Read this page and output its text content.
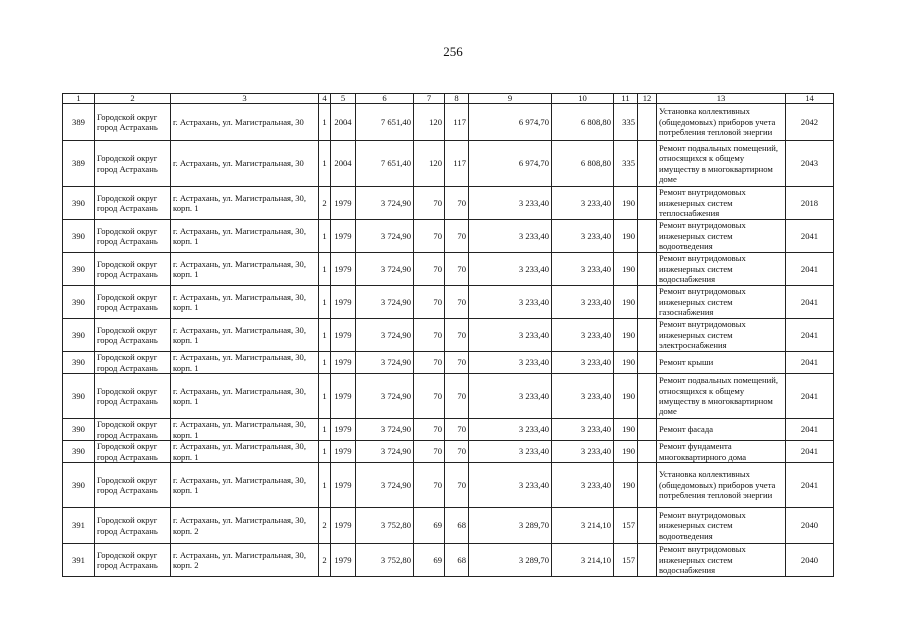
256
1	2	3	4	5	6	7	8	9	10	11	12	13	14
389	Городской округ город Астрахань	г. Астрахань, ул. Магистральная, 30	1	2004	7 651,40	120	117	6 974,70	6 808,80	335		Установка коллективных (общедомовых) приборов учета потребления тепловой энергии	2042
389	Городской округ город Астрахань	г. Астрахань, ул. Магистральная, 30	1	2004	7 651,40	120	117	6 974,70	6 808,80	335		Ремонт подвальных помещений, относящихся к общему имуществу в многоквартирном доме	2043
390	Городской округ город Астрахань	г. Астрахань, ул. Магистральная, 30, корп. 1	2	1979	3 724,90	70	70	3 233,40	3 233,40	190		Ремонт внутридомовых инженерных систем теплоснабжения	2018
390	Городской округ город Астрахань	г. Астрахань, ул. Магистральная, 30, корп. 1	1	1979	3 724,90	70	70	3 233,40	3 233,40	190		Ремонт внутридомовых инженерных систем водоотведения	2041
390	Городской округ город Астрахань	г. Астрахань, ул. Магистральная, 30, корп. 1	1	1979	3 724,90	70	70	3 233,40	3 233,40	190		Ремонт внутридомовых инженерных систем водоснабжения	2041
390	Городской округ город Астрахань	г. Астрахань, ул. Магистральная, 30, корп. 1	1	1979	3 724,90	70	70	3 233,40	3 233,40	190		Ремонт внутридомовых инженерных систем газоснабжения	2041
390	Городской округ город Астрахань	г. Астрахань, ул. Магистральная, 30, корп. 1	1	1979	3 724,90	70	70	3 233,40	3 233,40	190		Ремонт внутридомовых инженерных систем электроснабжения	2041
390	Городской округ город Астрахань	г. Астрахань, ул. Магистральная, 30, корп. 1	1	1979	3 724,90	70	70	3 233,40	3 233,40	190		Ремонт крыши	2041
390	Городской округ город Астрахань	г. Астрахань, ул. Магистральная, 30, корп. 1	1	1979	3 724,90	70	70	3 233,40	3 233,40	190		Ремонт подвальных помещений, относящихся к общему имуществу в многоквартирном доме	2041
390	Городской округ город Астрахань	г. Астрахань, ул. Магистральная, 30, корп. 1	1	1979	3 724,90	70	70	3 233,40	3 233,40	190		Ремонт фасада	2041
390	Городской округ город Астрахань	г. Астрахань, ул. Магистральная, 30, корп. 1	1	1979	3 724,90	70	70	3 233,40	3 233,40	190		Ремонт фундамента многоквартирного дома	2041
390	Городской округ город Астрахань	г. Астрахань, ул. Магистральная, 30, корп. 1	1	1979	3 724,90	70	70	3 233,40	3 233,40	190		Установка коллективных (общедомовых) приборов учета потребления тепловой энергии	2041
391	Городской округ город Астрахань	г. Астрахань, ул. Магистральная, 30, корп. 2	2	1979	3 752,80	69	68	3 289,70	3 214,10	157		Ремонт внутридомовых инженерных систем водоотведения	2040
391	Городской округ город Астрахань	г. Астрахань, ул. Магистральная, 30, корп. 2	2	1979	3 752,80	69	68	3 289,70	3 214,10	157		Ремонт внутридомовых инженерных систем водоснабжения	2040
